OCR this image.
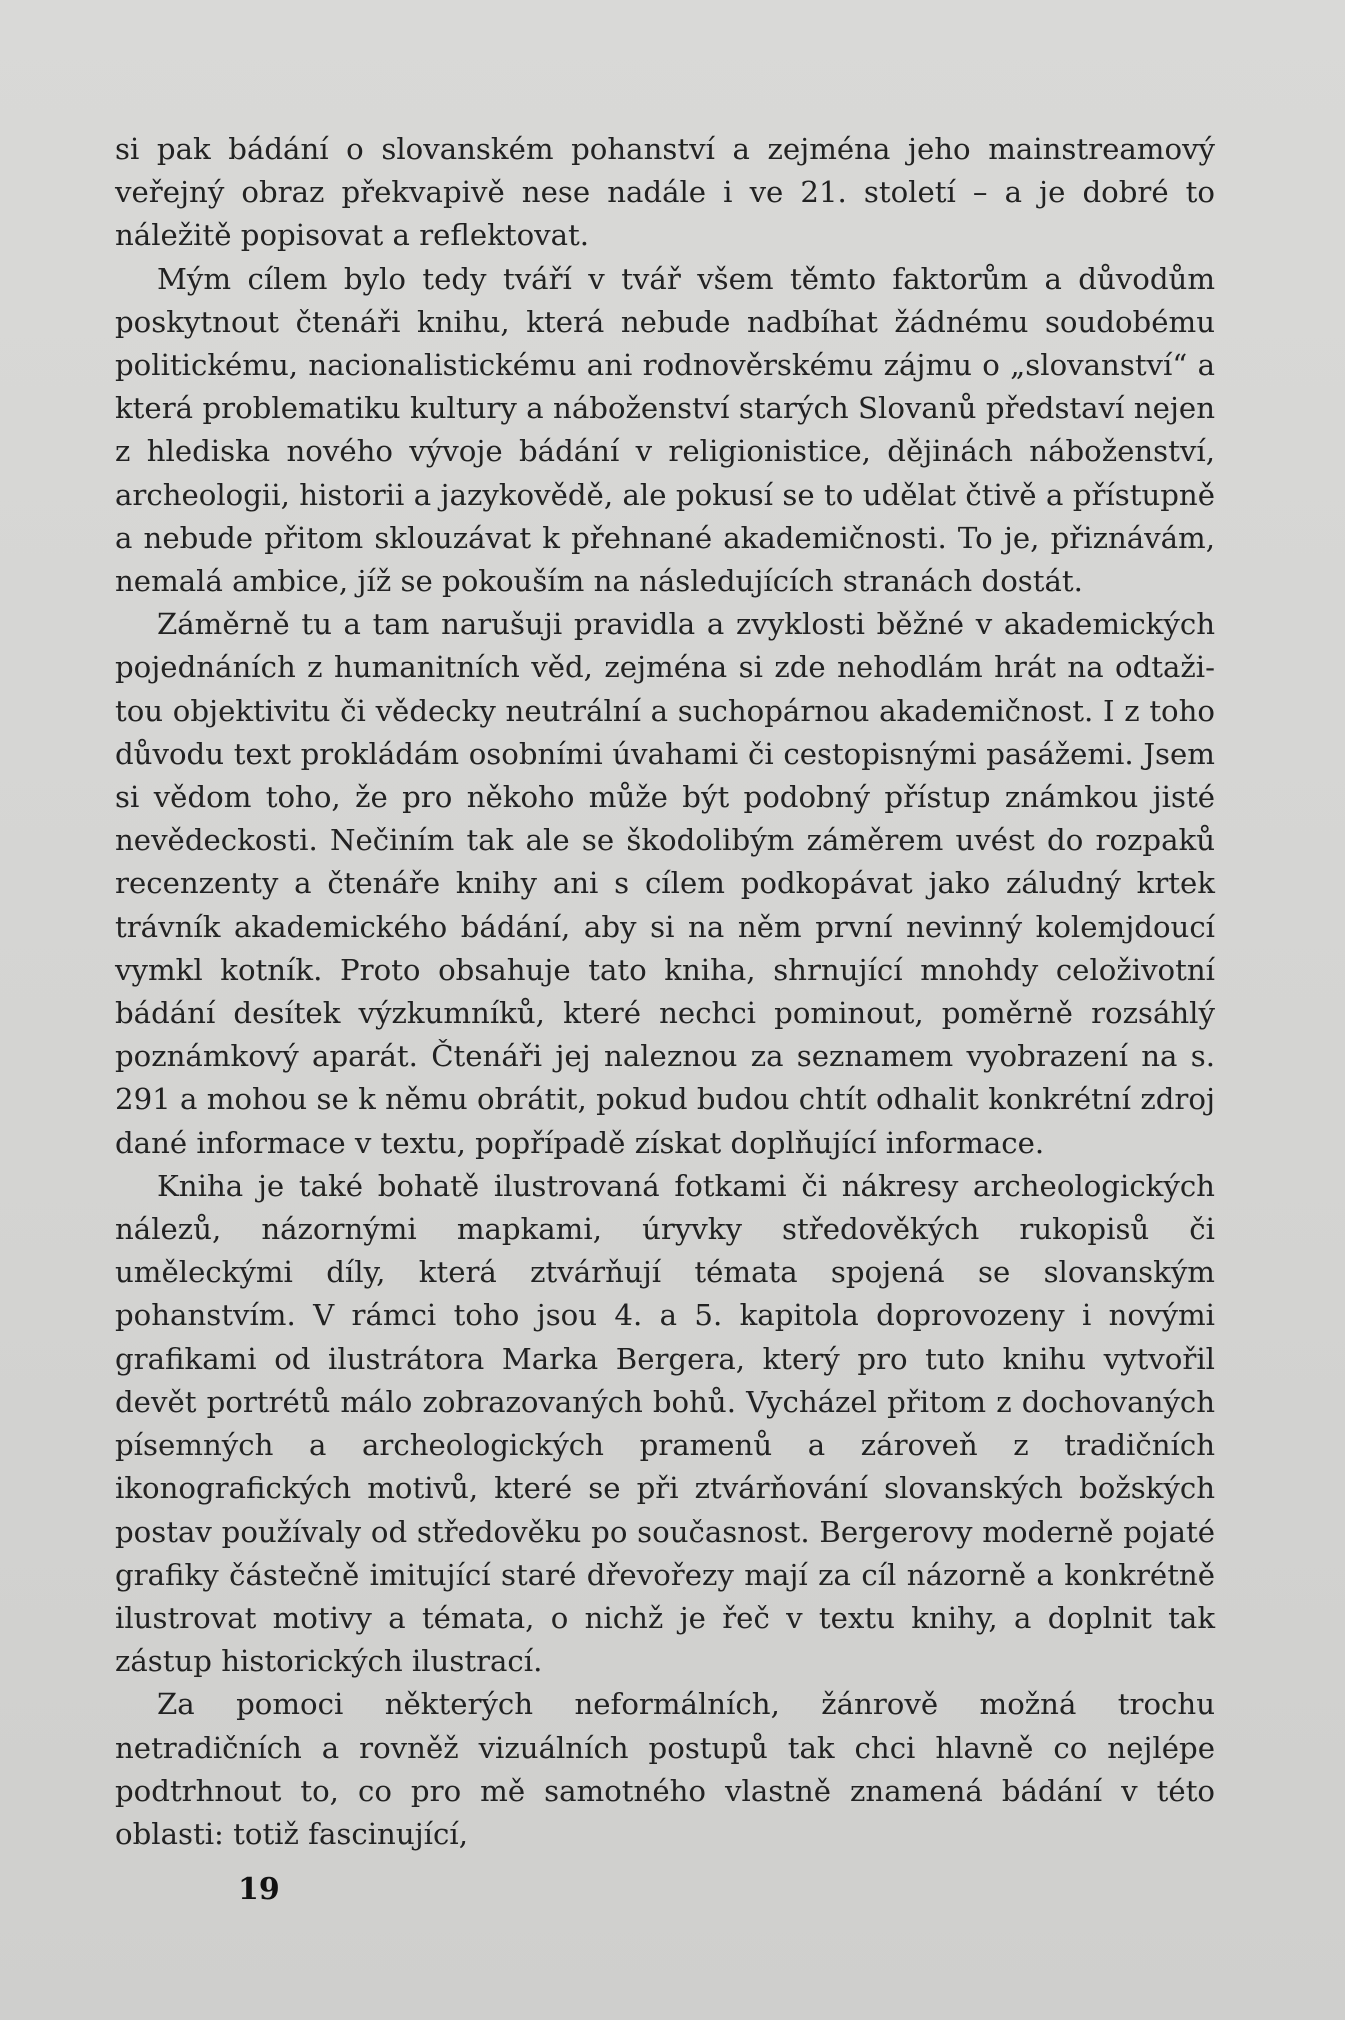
si pak bádání o slovanském pohanství a zejména jeho mainstreamový veřejný obraz překvapivě nese nadále i ve 21. století – a je dobré to náležitě popisovat a reflektovat.

Mým cílem bylo tedy tváří v tvář všem těmto faktorům a důvodům poskytnout čtenáři knihu, která nebude nadbíhat žádnému soudobému politickému, nacionalistickému ani rodnověrskému zájmu o „slovanství“ a která problematiku kultury a náboženství starých Slovanů představí nejen z hlediska nového vývoje bádání v religionistice, dějinách náboženství, archeologii, historii a jazykovědě, ale pokusí se to udělat čtivě a přístupně a nebude přitom sklouzávat k přehnané akademičnosti. To je, přiznávám, nemalá ambice, jíž se pokouším na následujících stranách dostát.

Záměrně tu a tam narušuji pravidla a zvyklosti běžné v akademických pojednáních z humanitních věd, zejména si zde nehodlám hrát na odtažitou objektivitu či vědecky neutrální a suchopárnou akademičnost. I z toho důvodu text prokládám osobními úvahami či cestopisnými pasážemi. Jsem si vědom toho, že pro někoho může být podobný přístup známkou jisté nevědeckosti. Nečiním tak ale se škodolibým záměrem uvést do rozpaků recenzenty a čtenáře knihy ani s cílem podkopávat jako záludný krtek trávník akademického bádání, aby si na něm první nevinný kolemjdoucí vymkl kotník. Proto obsahuje tato kniha, shrnující mnohdy celoživotní bádání desítek výzkumníků, které nechci pominout, poměrně rozsáhlý poznámkový aparát. Čtenáři jej naleznou za seznamem vyobrazení na s. 291 a mohou se k němu obrátit, pokud budou chtít odhalit konkrétní zdroj dané informace v textu, popřípadě získat doplňující informace.

Kniha je také bohatě ilustrovaná fotkami či nákresy archeologických nálezů, názornými mapkami, úryvky středověkých rukopisů či uměleckými díly, která ztvárňují témata spojená se slovanským pohanstvím. V rámci toho jsou 4. a 5. kapitola doprovozeny i novými grafikami od ilustrátora Marka Bergera, který pro tuto knihu vytvořil devět portrétů málo zobrazovaných bohů. Vycházel přitom z dochovaných písemných a archeologických pramenů a zároveň z tradičních ikonografických motivů, které se při ztvárňování slovanských božských postav používaly od středověku po současnost. Bergerovy moderně pojaté grafiky částečně imitující staré dřevořezy mají za cíl názorně a konkrétně ilustrovat motivy a témata, o nichž je řeč v textu knihy, a doplnit tak zástup historických ilustrací.

Za pomoci některých neformálních, žánrově možná trochu netradičních a rovněž vizuálních postupů tak chci hlavně co nejlépe podtrhnout to, co pro mě samotného vlastně znamená bádání v této oblasti: totiž fascinující,

19
